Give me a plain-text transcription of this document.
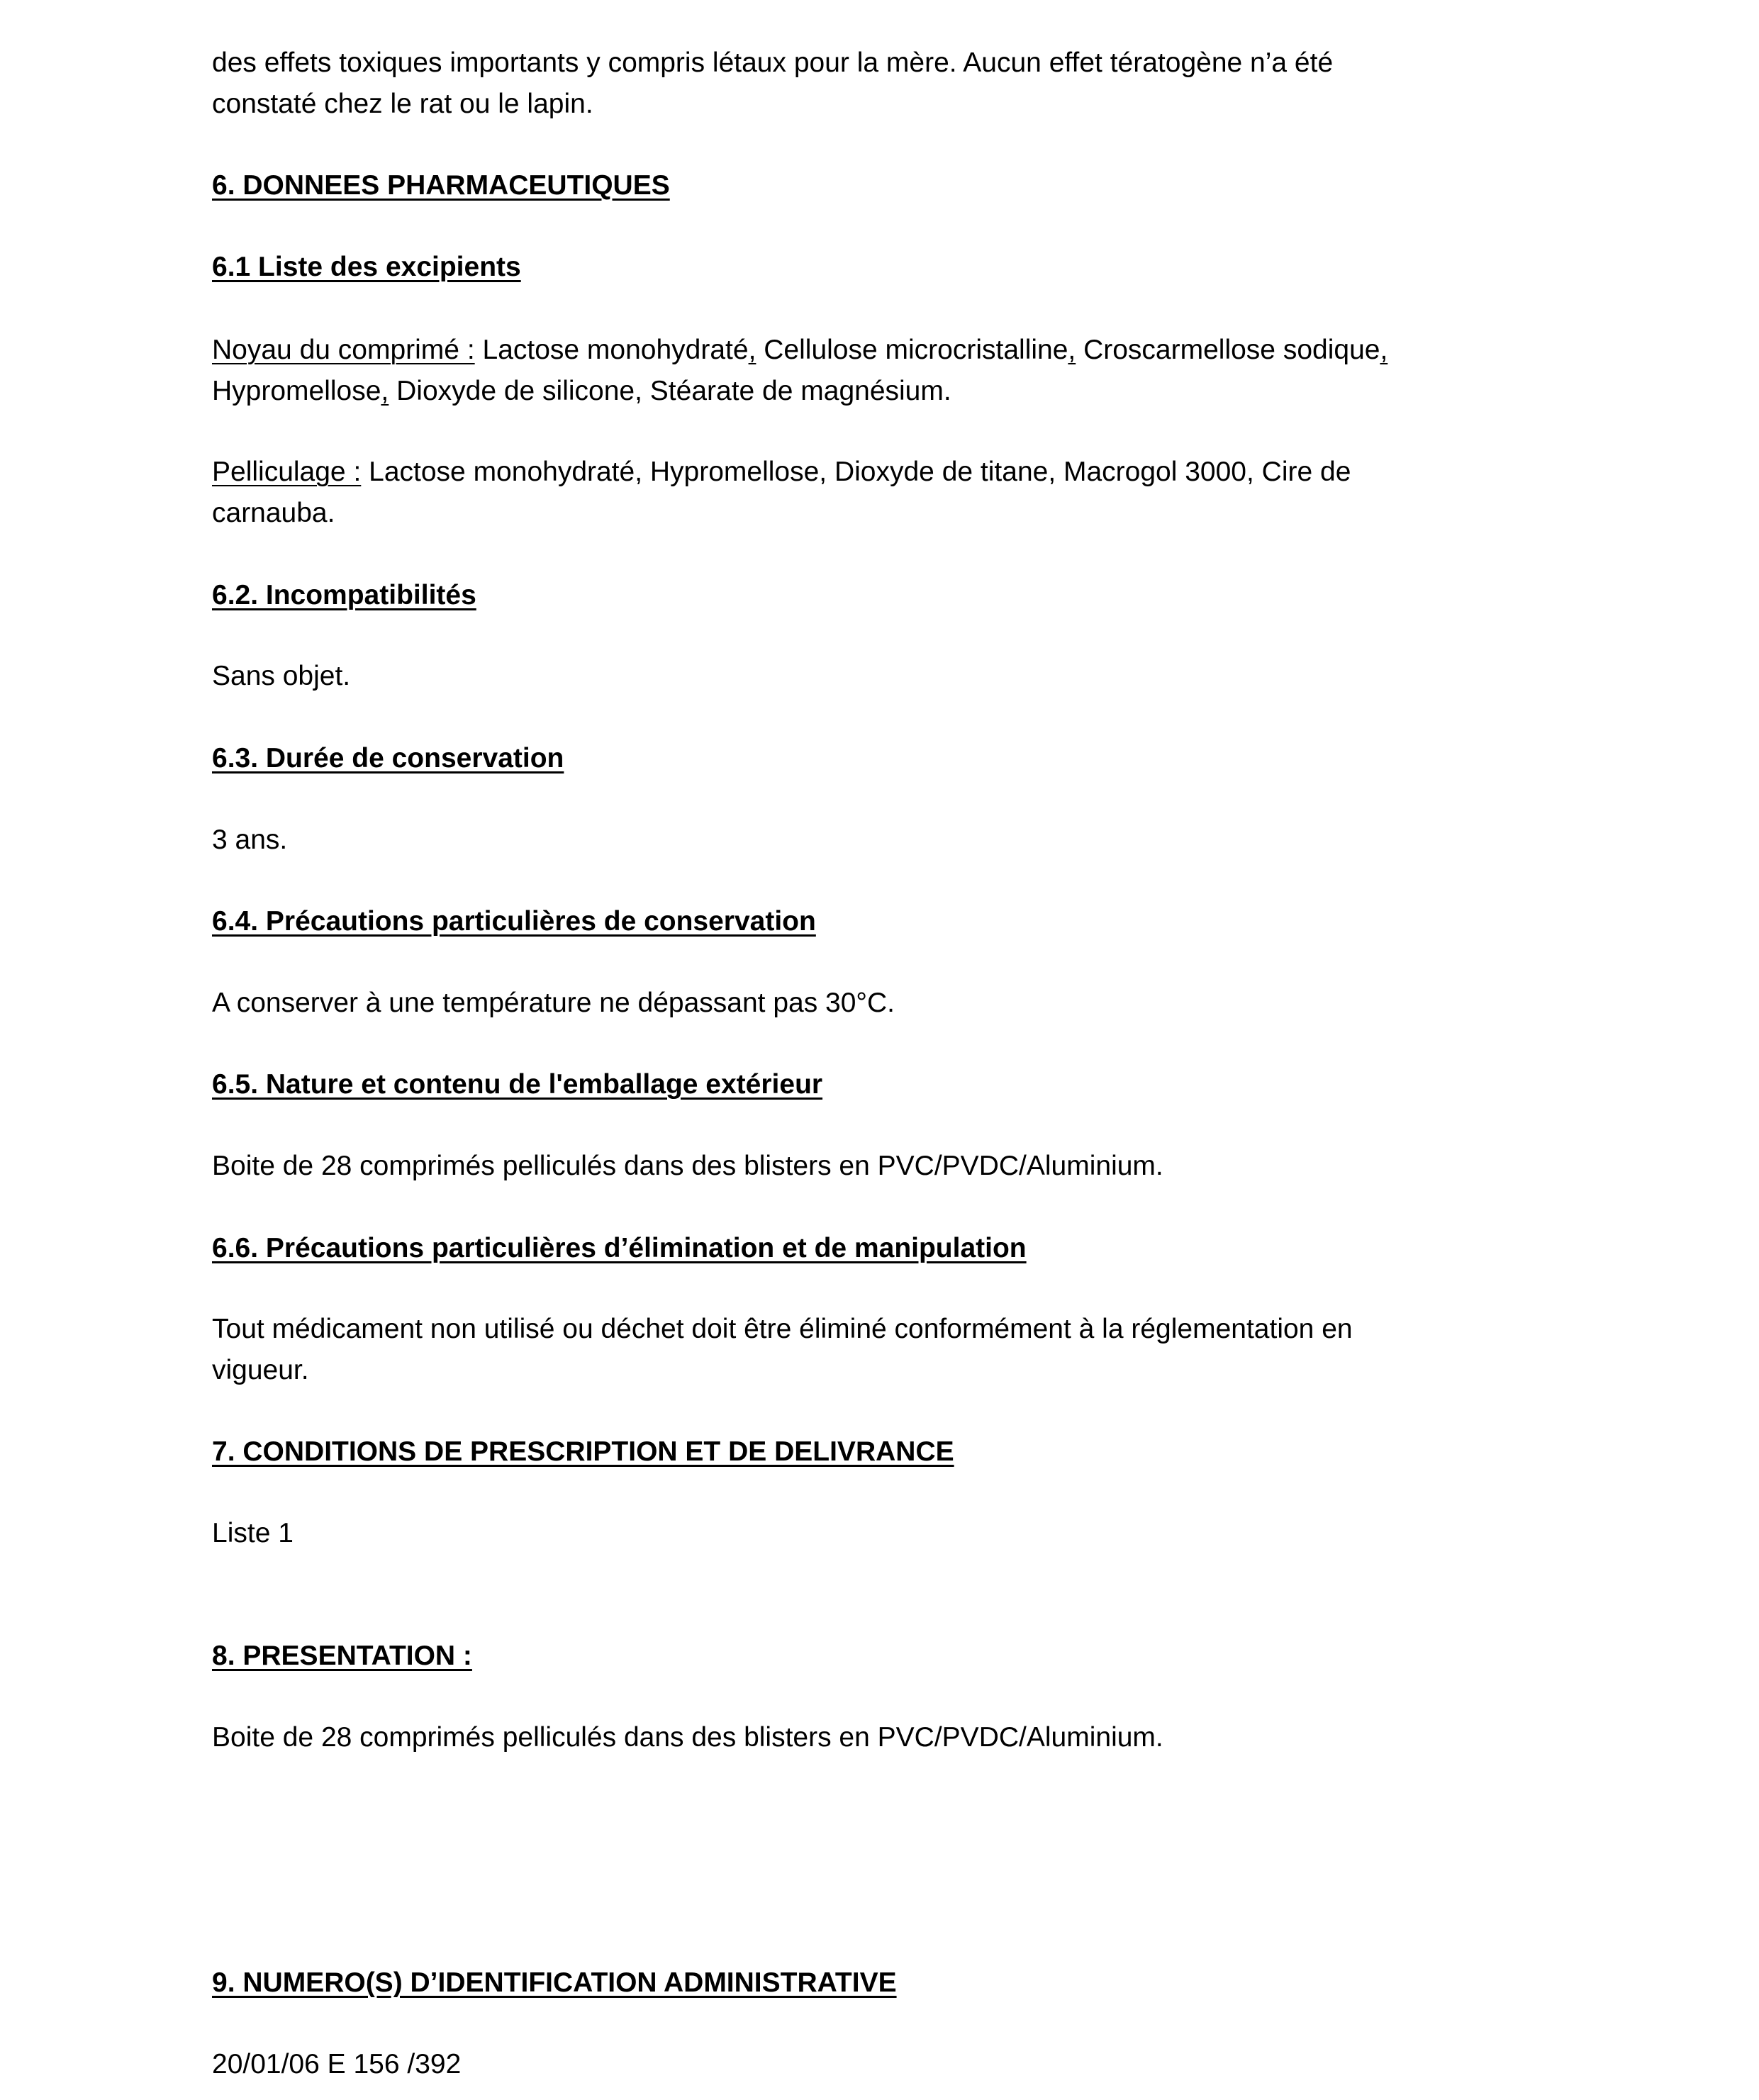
des effets toxiques importants y compris létaux pour la mère. Aucun effet tératogène n’a été
constaté chez le rat ou le lapin.

6. DONNEES PHARMACEUTIQUES

6.1 Liste des excipients

Noyau du comprimé : Lactose monohydraté, Cellulose microcristalline, Croscarmellose sodique,
Hypromellose, Dioxyde de silicone, Stéarate de magnésium.

Pelliculage : Lactose monohydraté, Hypromellose, Dioxyde de titane, Macrogol 3000, Cire de
carnauba.

6.2. Incompatibilités

Sans objet.

6.3. Durée de conservation

3 ans.

6.4. Précautions particulières de conservation

A conserver à une température ne dépassant pas 30°C.

6.5. Nature et contenu de l'emballage extérieur

Boite de 28 comprimés pelliculés dans des blisters en PVC/PVDC/Aluminium.

6.6. Précautions particulières d’élimination et de manipulation

Tout médicament non utilisé ou déchet doit être éliminé conformément à la réglementation en
vigueur.

7. CONDITIONS DE PRESCRIPTION ET DE DELIVRANCE

Liste 1

8. PRESENTATION :

Boite de 28 comprimés pelliculés dans des blisters en PVC/PVDC/Aluminium.

9. NUMERO(S) D’IDENTIFICATION ADMINISTRATIVE

20/01/06 E 156 /392
